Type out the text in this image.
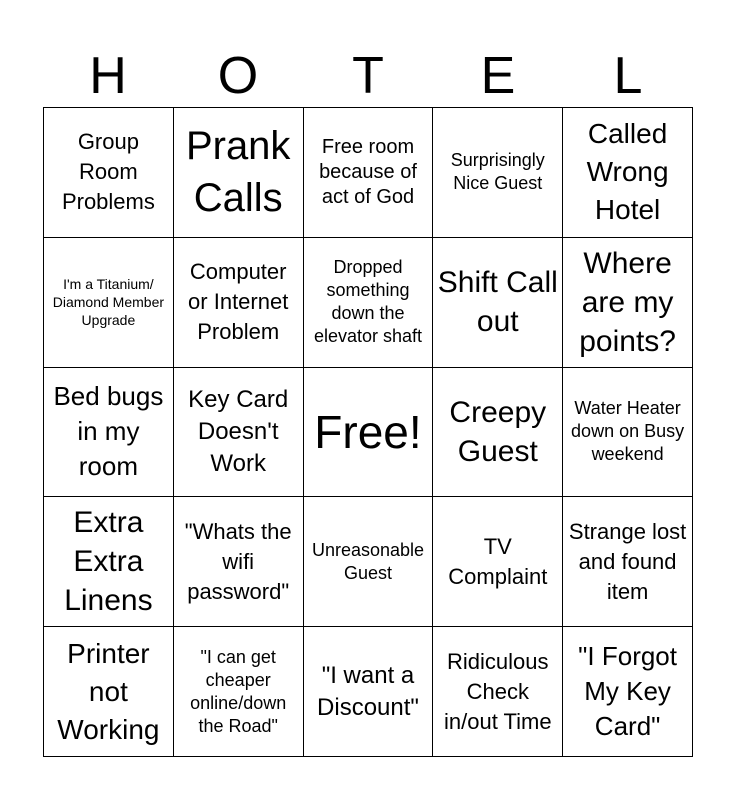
H	O	T	E	L
Group Room Problems	Prank Calls	Free room because of act of God	Surprisingly Nice Guest	Called Wrong Hotel
I'm a Titanium/ Diamond Member Upgrade	Computer or Internet Problem	Dropped something down the elevator shaft	Shift Call out	Where are my points?
Bed bugs in my room	Key Card Doesn't Work	Free!	Creepy Guest	Water Heater down on Busy weekend
Extra Extra Linens	"Whats the wifi password"	Unreasonable Guest	TV Complaint	Strange lost and found item
Printer not Working	"I can get cheaper online/down the Road"	"I want a Discount"	Ridiculous Check in/out Time	"I Forgot My Key Card"
